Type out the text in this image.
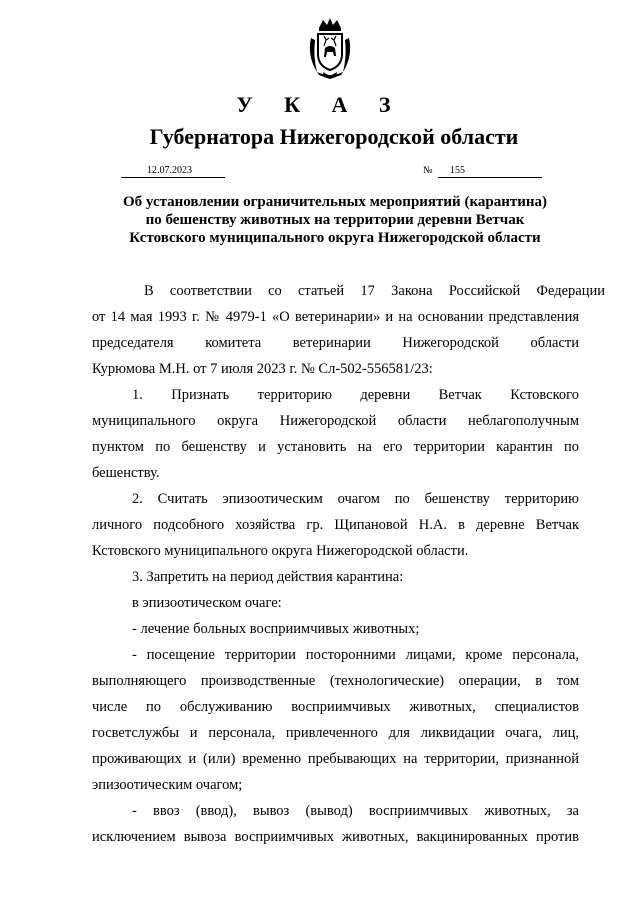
У К А З
Губернатора Нижегородской области
12.07.2023	№	155
Об установлении ограничительных мероприятий (карантина)
по бешенству животных на территории деревни Ветчак
Кстовского муниципального округа Нижегородской области
В соответствии со статьей 17 Закона Российской Федерации
от 14 мая 1993 г. № 4979-1 «О ветеринарии» и на основании представления
председателя комитета ветеринарии Нижегородской области
Курюмова М.Н. от 7 июля 2023 г. № Сл-502-556581/23:
1. Признать территорию деревни Ветчак Кстовского
муниципального округа Нижегородской области неблагополучным
пунктом по бешенству и установить на его территории карантин по
бешенству.
2. Считать эпизоотическим очагом по бешенству территорию
личного подсобного хозяйства гр. Щипановой Н.А. в деревне Ветчак
Кстовского муниципального округа Нижегородской области.
3. Запретить на период действия карантина:
в эпизоотическом очаге:
- лечение больных восприимчивых животных;
- посещение территории посторонними лицами, кроме персонала,
выполняющего производственные (технологические) операции, в том
числе по обслуживанию восприимчивых животных, специалистов
госветслужбы и персонала, привлеченного для ликвидации очага, лиц,
проживающих и (или) временно пребывающих на территории, признанной
эпизоотическим очагом;
- ввоз (ввод), вывоз (вывод) восприимчивых животных, за
исключением вывоза восприимчивых животных, вакцинированных против
